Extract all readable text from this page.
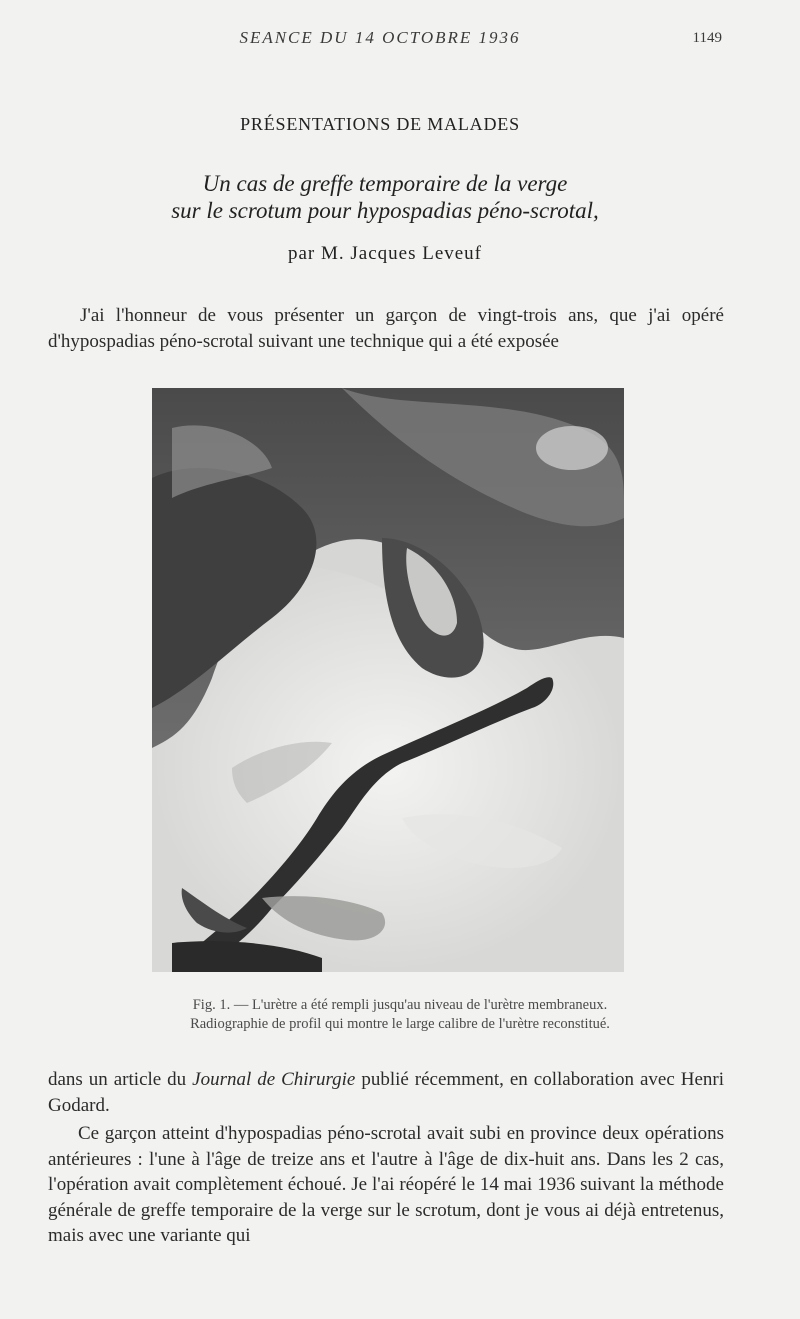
SEANCE DU 14 OCTOBRE 1936	1149
PRÉSENTATIONS DE MALADES
Un cas de greffe temporaire de la verge
sur le scrotum pour hypospadias péno-scrotal,
par M. Jacques Leveuf

J'ai l'honneur de vous présenter un garçon de vingt-trois ans, que j'ai opéré d'hypospadias péno-scrotal suivant une technique qui a été exposée

Fig. 1. — L'urètre a été rempli jusqu'au niveau de l'urètre membraneux.
Radiographie de profil qui montre le large calibre de l'urètre reconstitué.

dans un article du Journal de Chirurgie publié récemment, en collaboration avec Henri Godard.

Ce garçon atteint d'hypospadias péno-scrotal avait subi en province deux opérations antérieures : l'une à l'âge de treize ans et l'autre à l'âge de dix-huit ans. Dans les 2 cas, l'opération avait complètement échoué. Je l'ai réopéré le 14 mai 1936 suivant la méthode générale de greffe temporaire de la verge sur le scrotum, dont je vous ai déjà entretenus, mais avec une variante qui
